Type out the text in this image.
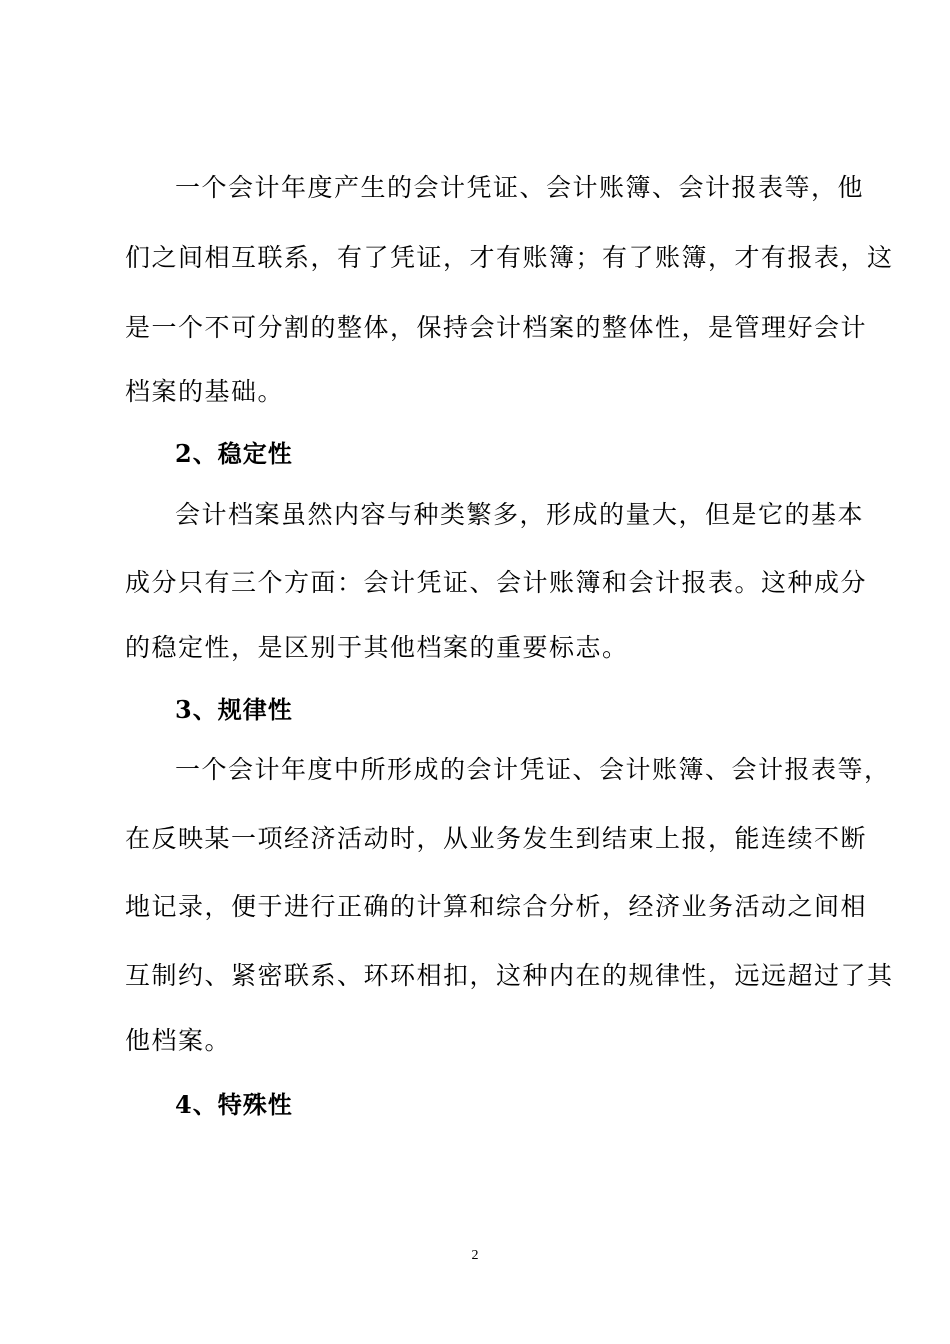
一个会计年度产生的会计凭证、会计账簿、会计报表等，他
们之间相互联系，有了凭证，才有账簿；有了账簿，才有报表，这
是一个不可分割的整体，保持会计档案的整体性，是管理好会计
档案的基础。
2、稳定性
会计档案虽然内容与种类繁多，形成的量大，但是它的基本
成分只有三个方面：会计凭证、会计账簿和会计报表。这种成分
的稳定性，是区别于其他档案的重要标志。
3、规律性
一个会计年度中所形成的会计凭证、会计账簿、会计报表等，
在反映某一项经济活动时，从业务发生到结束上报，能连续不断
地记录，便于进行正确的计算和综合分析，经济业务活动之间相
互制约、紧密联系、环环相扣，这种内在的规律性，远远超过了其
他档案。
4、特殊性
2
